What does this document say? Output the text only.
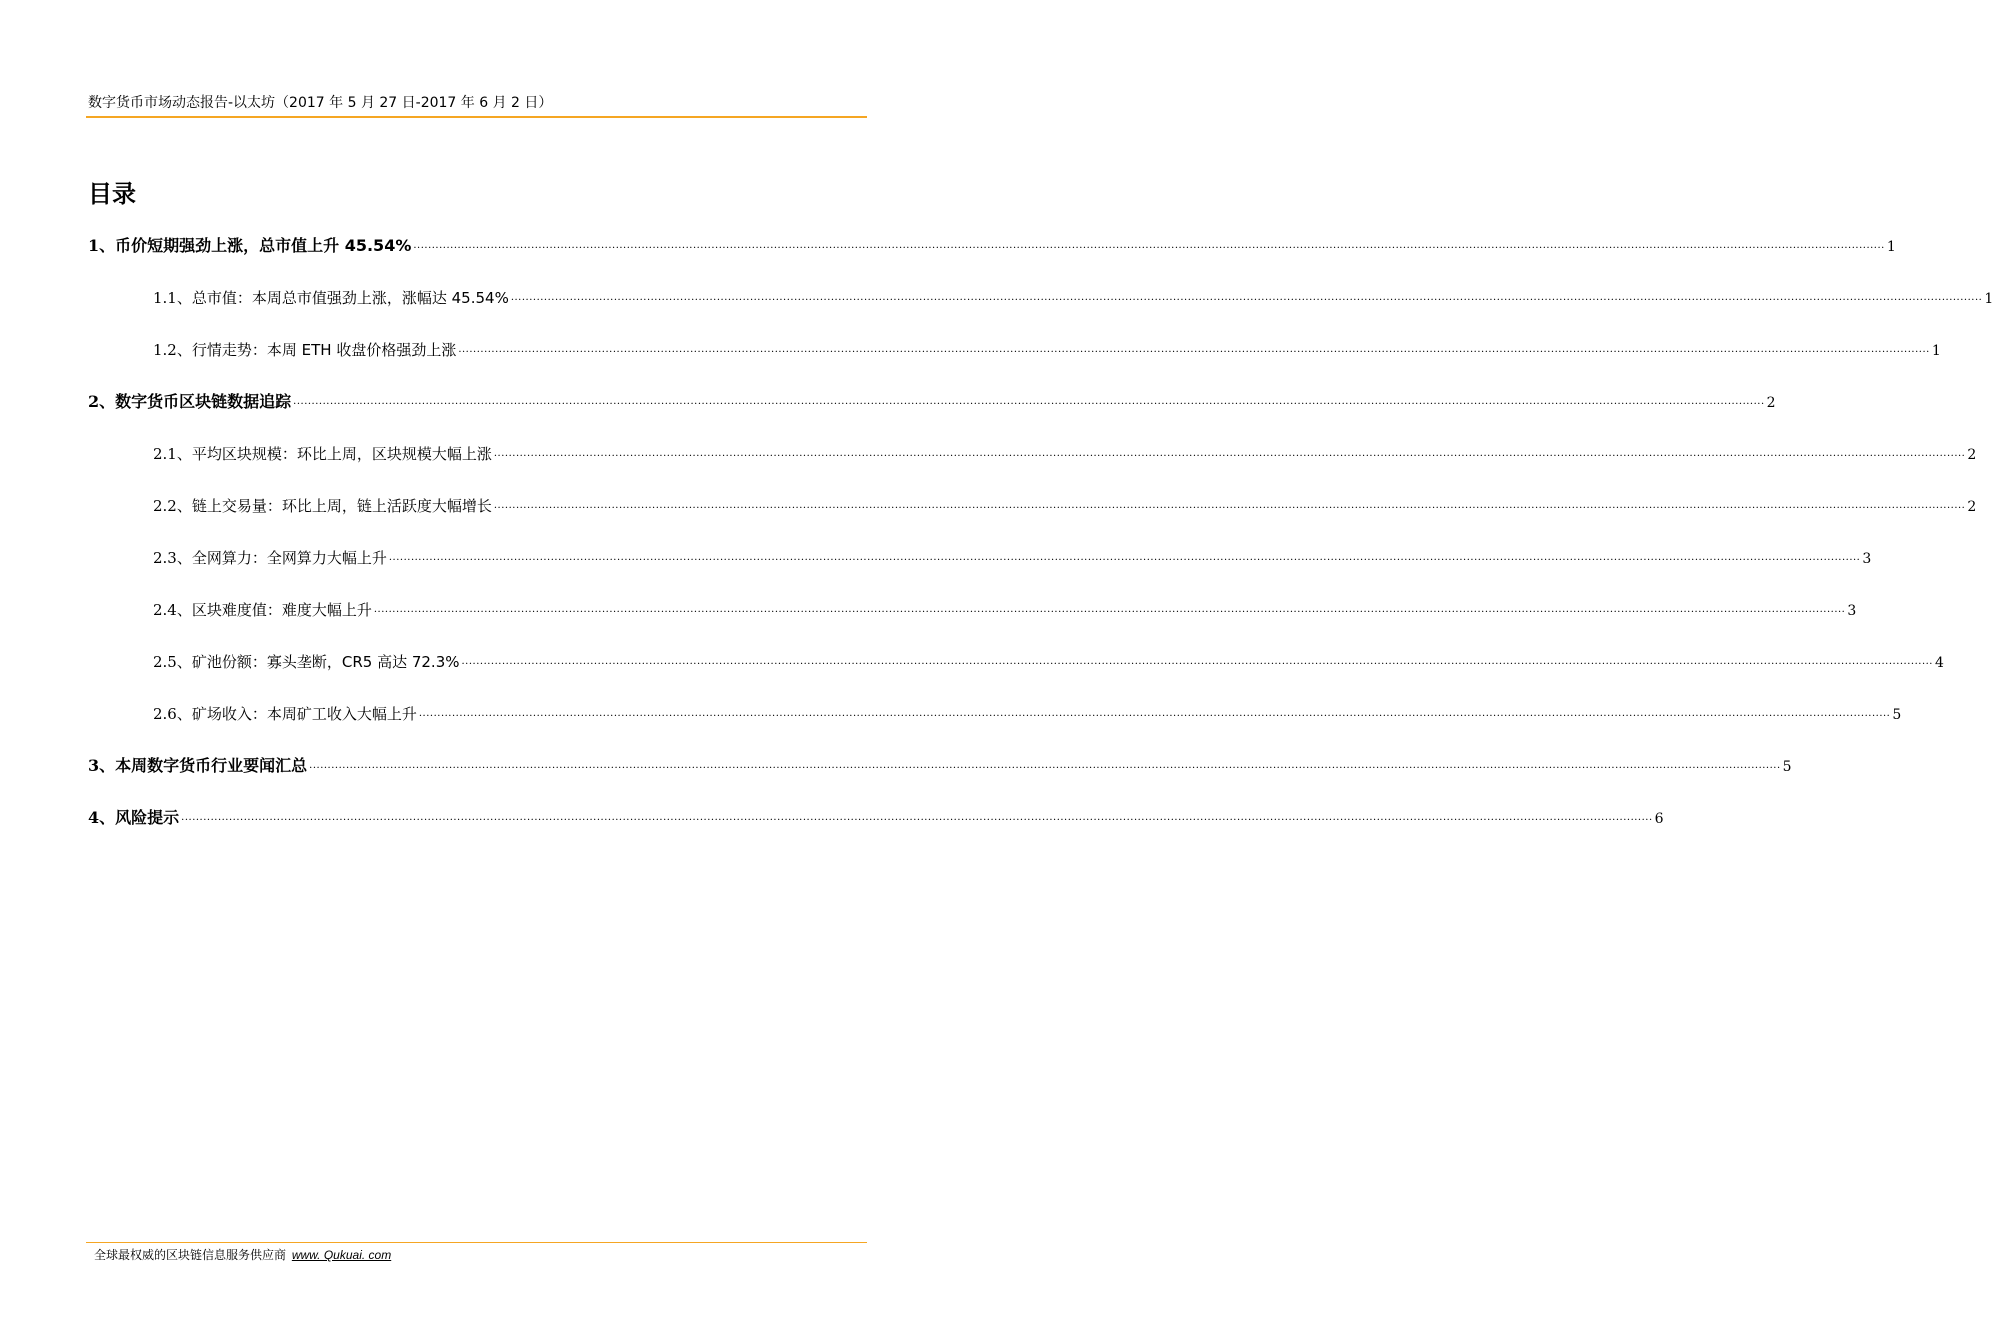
数字货币市场动态报告-以太坊（2017 年 5 月 27 日-2017 年 6 月 2 日）
目录
1、 币价短期强劲上涨，总市值上升 45.54% ················································································································································································································································································································································································································ 1
1.1、 总市值：本周总市值强劲上涨，涨幅达 45.54% ················································································································································································································································································································································································································ 1
1.2、 行情走势：本周 ETH 收盘价格强劲上涨 ················································································································································································································································································································································································································ 1
2、 数字货币区块链数据追踪 ················································································································································································································································································································································································································ 2
2.1、 平均区块规模：环比上周，区块规模大幅上涨 ················································································································································································································································································································································································································ 2
2.2、 链上交易量：环比上周，链上活跃度大幅增长 ················································································································································································································································································································································································································ 2
2.3、 全网算力：全网算力大幅上升 ················································································································································································································································································································································································································ 3
2.4、 区块难度值：难度大幅上升 ················································································································································································································································································································································································································ 3
2.5、 矿池份额：寡头垄断，CR5 高达 72.3% ················································································································································································································································································································································································································ 4
2.6、 矿场收入：本周矿工收入大幅上升 ················································································································································································································································································································································································································ 5
3、 本周数字货币行业要闻汇总 ················································································································································································································································································································································································································ 5
4、 风险提示 ················································································································································································································································································································································································································ 6
全球最权威的区块链信息服务供应商 www. Qukuai. com
